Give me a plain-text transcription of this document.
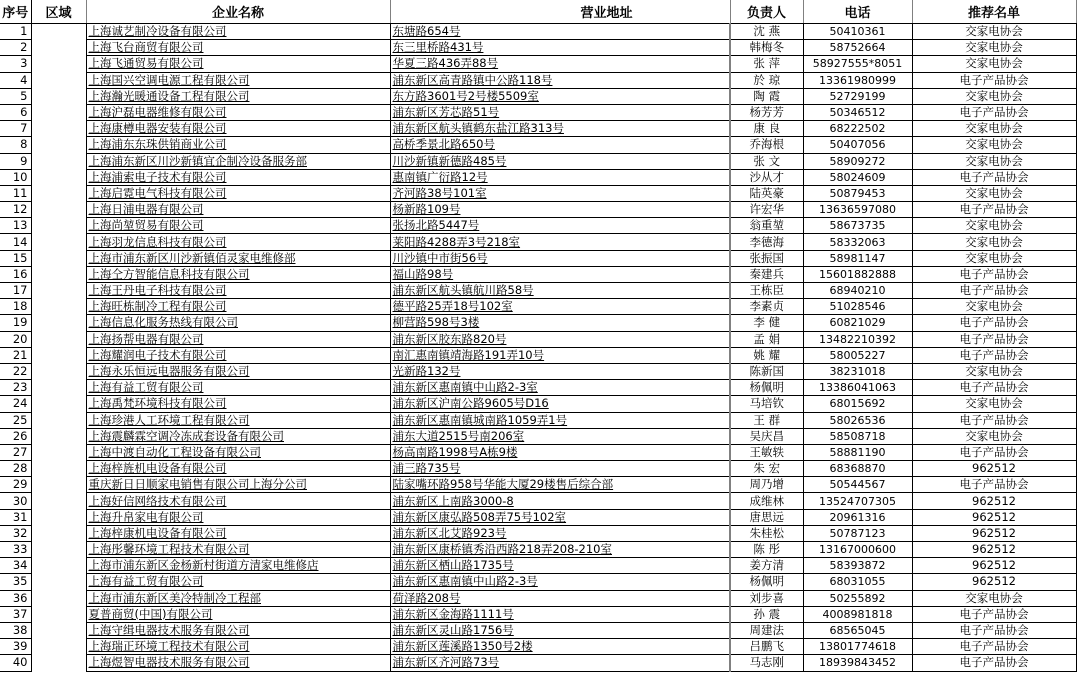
序号	区域	企业名称	营业地址	负责人	电话	推荐名单
1		上海诚艺制冷设备有限公司	东塘路654号	沈 燕	50410361	交家电协会
2		上海飞台商贸有限公司	东三里桥路431号	韩梅冬	58752664	交家电协会
3		上海飞通贸易有限公司	华夏三路436弄88号	张 萍	58927555*8051	交家电协会
4		上海国兴空调电源工程有限公司	浦东新区高青路镇中公路118号	於 琼	13361980999	电子产品协会
5		上海瀚光暖通设备工程有限公司	东方路3601号2号楼5509室	陶 霞	52729199	交家电协会
6		上海沪磊电器维修有限公司	浦东新区芳芯路51号	杨芳芳	50346512	电子产品协会
7		上海康樽电器安装有限公司	浦东新区航头镇鹤东盐江路313号	康 良	68222502	交家电协会
8		上海浦东东珠供销商业公司	高桥季景北路650号	乔海根	50407056	交家电协会
9		上海浦东新区川沙新镇宜企制冷设备服务部	川沙新镇新德路485号	张 文	58909272	交家电协会
10		上海浦索电子技术有限公司	惠南镇广衍路12号	沙从才	58024609	电子产品协会
11		上海启霓电气科技有限公司	齐河路38号101室	陆英豪	50879453	交家电协会
12		上海日浦电器有限公司	杨新路109号	许宏华	13636597080	电子产品协会
13		上海尚堃贸易有限公司	张扬北路5447号	翁重堃	58673735	交家电协会
14		上海羽龙信息科技有限公司	莱阳路4288弄3号218室	李德海	58332063	交家电协会
15		上海市浦东新区川沙新镇佰灵家电维修部	川沙镇中市街56号	张振国	58981147	交家电协会
16		上海仝方智能信息科技有限公司	福山路98号	秦建兵	15601882888	电子产品协会
17		上海王丹电子科技有限公司	浦东新区航头镇航川路58号	王栋臣	68940210	电子产品协会
18		上海旺栋制冷工程有限公司	德平路25弄18号102室	李素贞	51028546	交家电协会
19		上海信息化服务热线有限公司	柳营路598号3楼	李 健	60821029	电子产品协会
20		上海扬帮电器有限公司	浦东新区胶东路820号	孟 娟	13482210392	电子产品协会
21		上海耀润电子技术有限公司	南汇惠南镇靖海路191弄10号	姚 耀	58005227	电子产品协会
22		上海永乐恒远电器服务有限公司	光新路132号	陈新国	38231018	交家电协会
23		上海有益工贸有限公司	浦东新区惠南镇中山路2-3室	杨佩明	13386041063	电子产品协会
24		上海禹梵环境科技有限公司	浦东新区沪南公路9605号D16	马培钦	68015692	交家电协会
25		上海珍港人工环境工程有限公司	浦东新区惠南镇城南路1059弄1号	王 群	58026536	电子产品协会
26		上海震麟霖空调冷冻成套设备有限公司	浦东大道2515号南206室	吴庆昌	58508718	交家电协会
27		上海中渡自动化工程设备有限公司	杨高南路1998号A栋9楼	王敏轶	58881190	电子产品协会
28		上海梓旌机电设备有限公司	浦三路735号	朱 宏	68368870	962512
29		重庆新日日顺家电销售有限公司上海分公司	陆家嘴环路958号华能大厦29楼售后综合部	周乃增	50544567	电子产品协会
30		上海好信网络技术有限公司	浦东新区上南路3000-8	成维林	13524707305	962512
31		上海升帛家电有限公司	浦东新区康弘路508弄75号102室	唐思远	20961316	962512
32		上海梓康机电设备有限公司	浦东新区北艾路923号	朱桂松	50787123	962512
33		上海彤馨环境工程技术有限公司	浦东新区康桥镇秀沿西路218弄208-210室	陈 彤	13167000600	962512
34		上海市浦东新区金杨新村街道方清家电维修店	浦东新区栖山路1735号	姜方清	58393872	962512
35		上海有益工贸有限公司	浦东新区惠南镇中山路2-3号	杨佩明	68031055	962512
36		上海市浦东新区美冷特制冷工程部	荷泽路208号	刘步喜	50255892	交家电协会
37		夏普商贸(中国)有限公司	浦东新区金海路1111号	孙 震	4008981818	电子产品协会
38		上海守缉电器技术服务有限公司	浦东新区灵山路1756号	周建法	68565045	电子产品协会
39		上海瑞正环境工程技术有限公司	浦东新区莲溪路1350号2楼	吕鹏飞	13801774618	电子产品协会
40		上海煜智电器技术服务有限公司	浦东新区齐河路73号	马志刚	18939843452	电子产品协会
